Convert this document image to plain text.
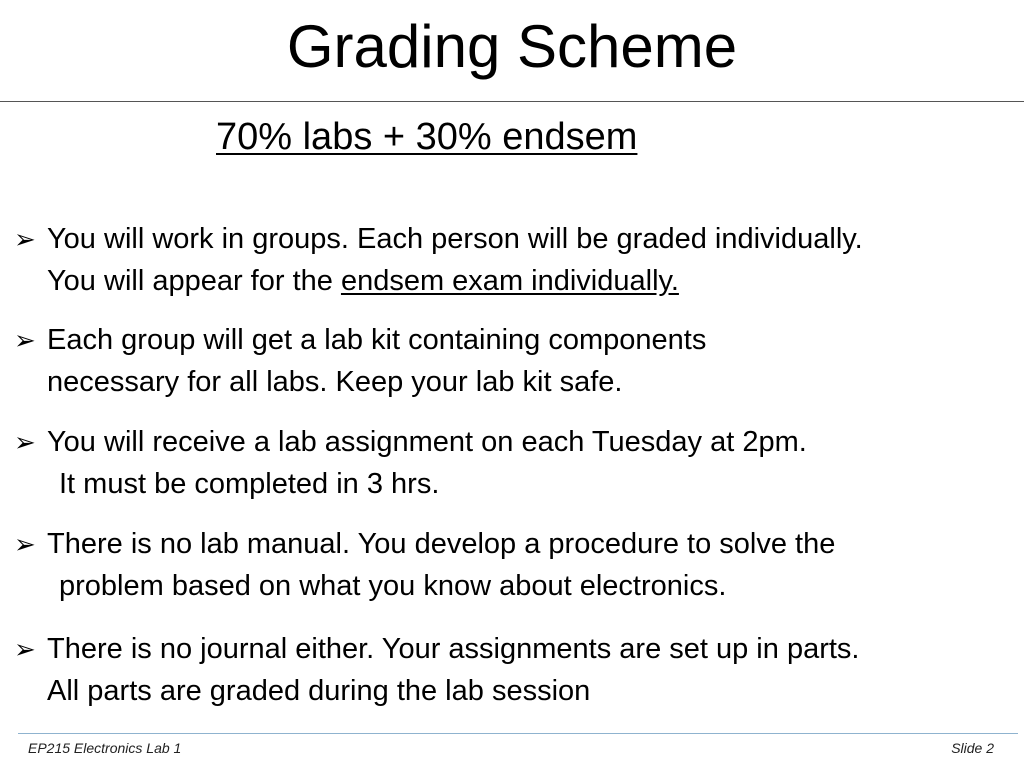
Grading Scheme
70% labs + 30% endsem
➢ You will work in groups. Each person will be graded individually.
You will appear for the endsem exam individually.
➢ Each group will get a lab kit containing components
necessary for all labs. Keep your lab kit safe.
➢ You will receive a lab assignment on each Tuesday at 2pm.
It must be completed in 3 hrs.
➢ There is no lab manual. You develop a procedure to solve the
problem based on what you know about electronics.
➢ There is no journal either. Your assignments are set up in parts.
All parts are graded during the lab session
EP215 Electronics Lab 1	Slide 2
